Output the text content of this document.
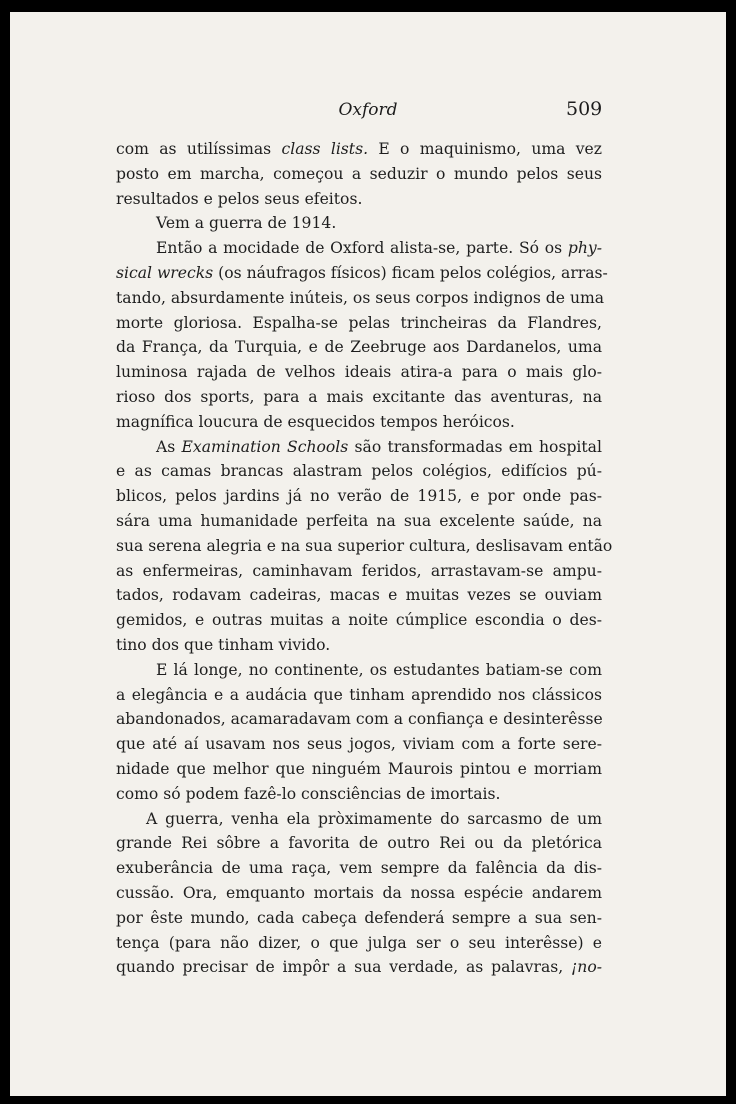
Oxford	509
com as utilíssimas class lists. E o maquinismo, uma vez
posto em marcha, começou a seduzir o mundo pelos seus
resultados e pelos seus efeitos.
Vem a guerra de 1914.
Então a mocidade de Oxford alista-se, parte. Só os phy-
sical wrecks (os náufragos físicos) ficam pelos colégios, arras-
tando, absurdamente inúteis, os seus corpos indignos de uma
morte gloriosa. Espalha-se pelas trincheiras da Flandres,
da França, da Turquia, e de Zeebruge aos Dardanelos, uma
luminosa rajada de velhos ideais atira-a para o mais glo-
rioso dos sports, para a mais excitante das aventuras, na
magnífica loucura de esquecidos tempos heróicos.
As Examination Schools são transformadas em hospital
e as camas brancas alastram pelos colégios, edifícios pú-
blicos, pelos jardins já no verão de 1915, e por onde pas-
sára uma humanidade perfeita na sua excelente saúde, na
sua serena alegria e na sua superior cultura, deslisavam então
as enfermeiras, caminhavam feridos, arrastavam-se ampu-
tados, rodavam cadeiras, macas e muitas vezes se ouviam
gemidos, e outras muitas a noite cúmplice escondia o des-
tino dos que tinham vivido.
E lá longe, no continente, os estudantes batiam-se com
a elegância e a audácia que tinham aprendido nos clássicos
abandonados, acamaradavam com a confiança e desinterêsse
que até aí usavam nos seus jogos, viviam com a forte sere-
nidade que melhor que ninguém Maurois pintou e morriam
como só podem fazê-lo consciências de imortais.
A guerra, venha ela pròximamente do sarcasmo de um
grande Rei sôbre a favorita de outro Rei ou da pletórica
exuberância de uma raça, vem sempre da falência da dis-
cussão. Ora, emquanto mortais da nossa espécie andarem
por êste mundo, cada cabeça defenderá sempre a sua sen-
tença (para não dizer, o que julga ser o seu interêsse) e
quando precisar de impôr a sua verdade, as palavras, ¡no-
